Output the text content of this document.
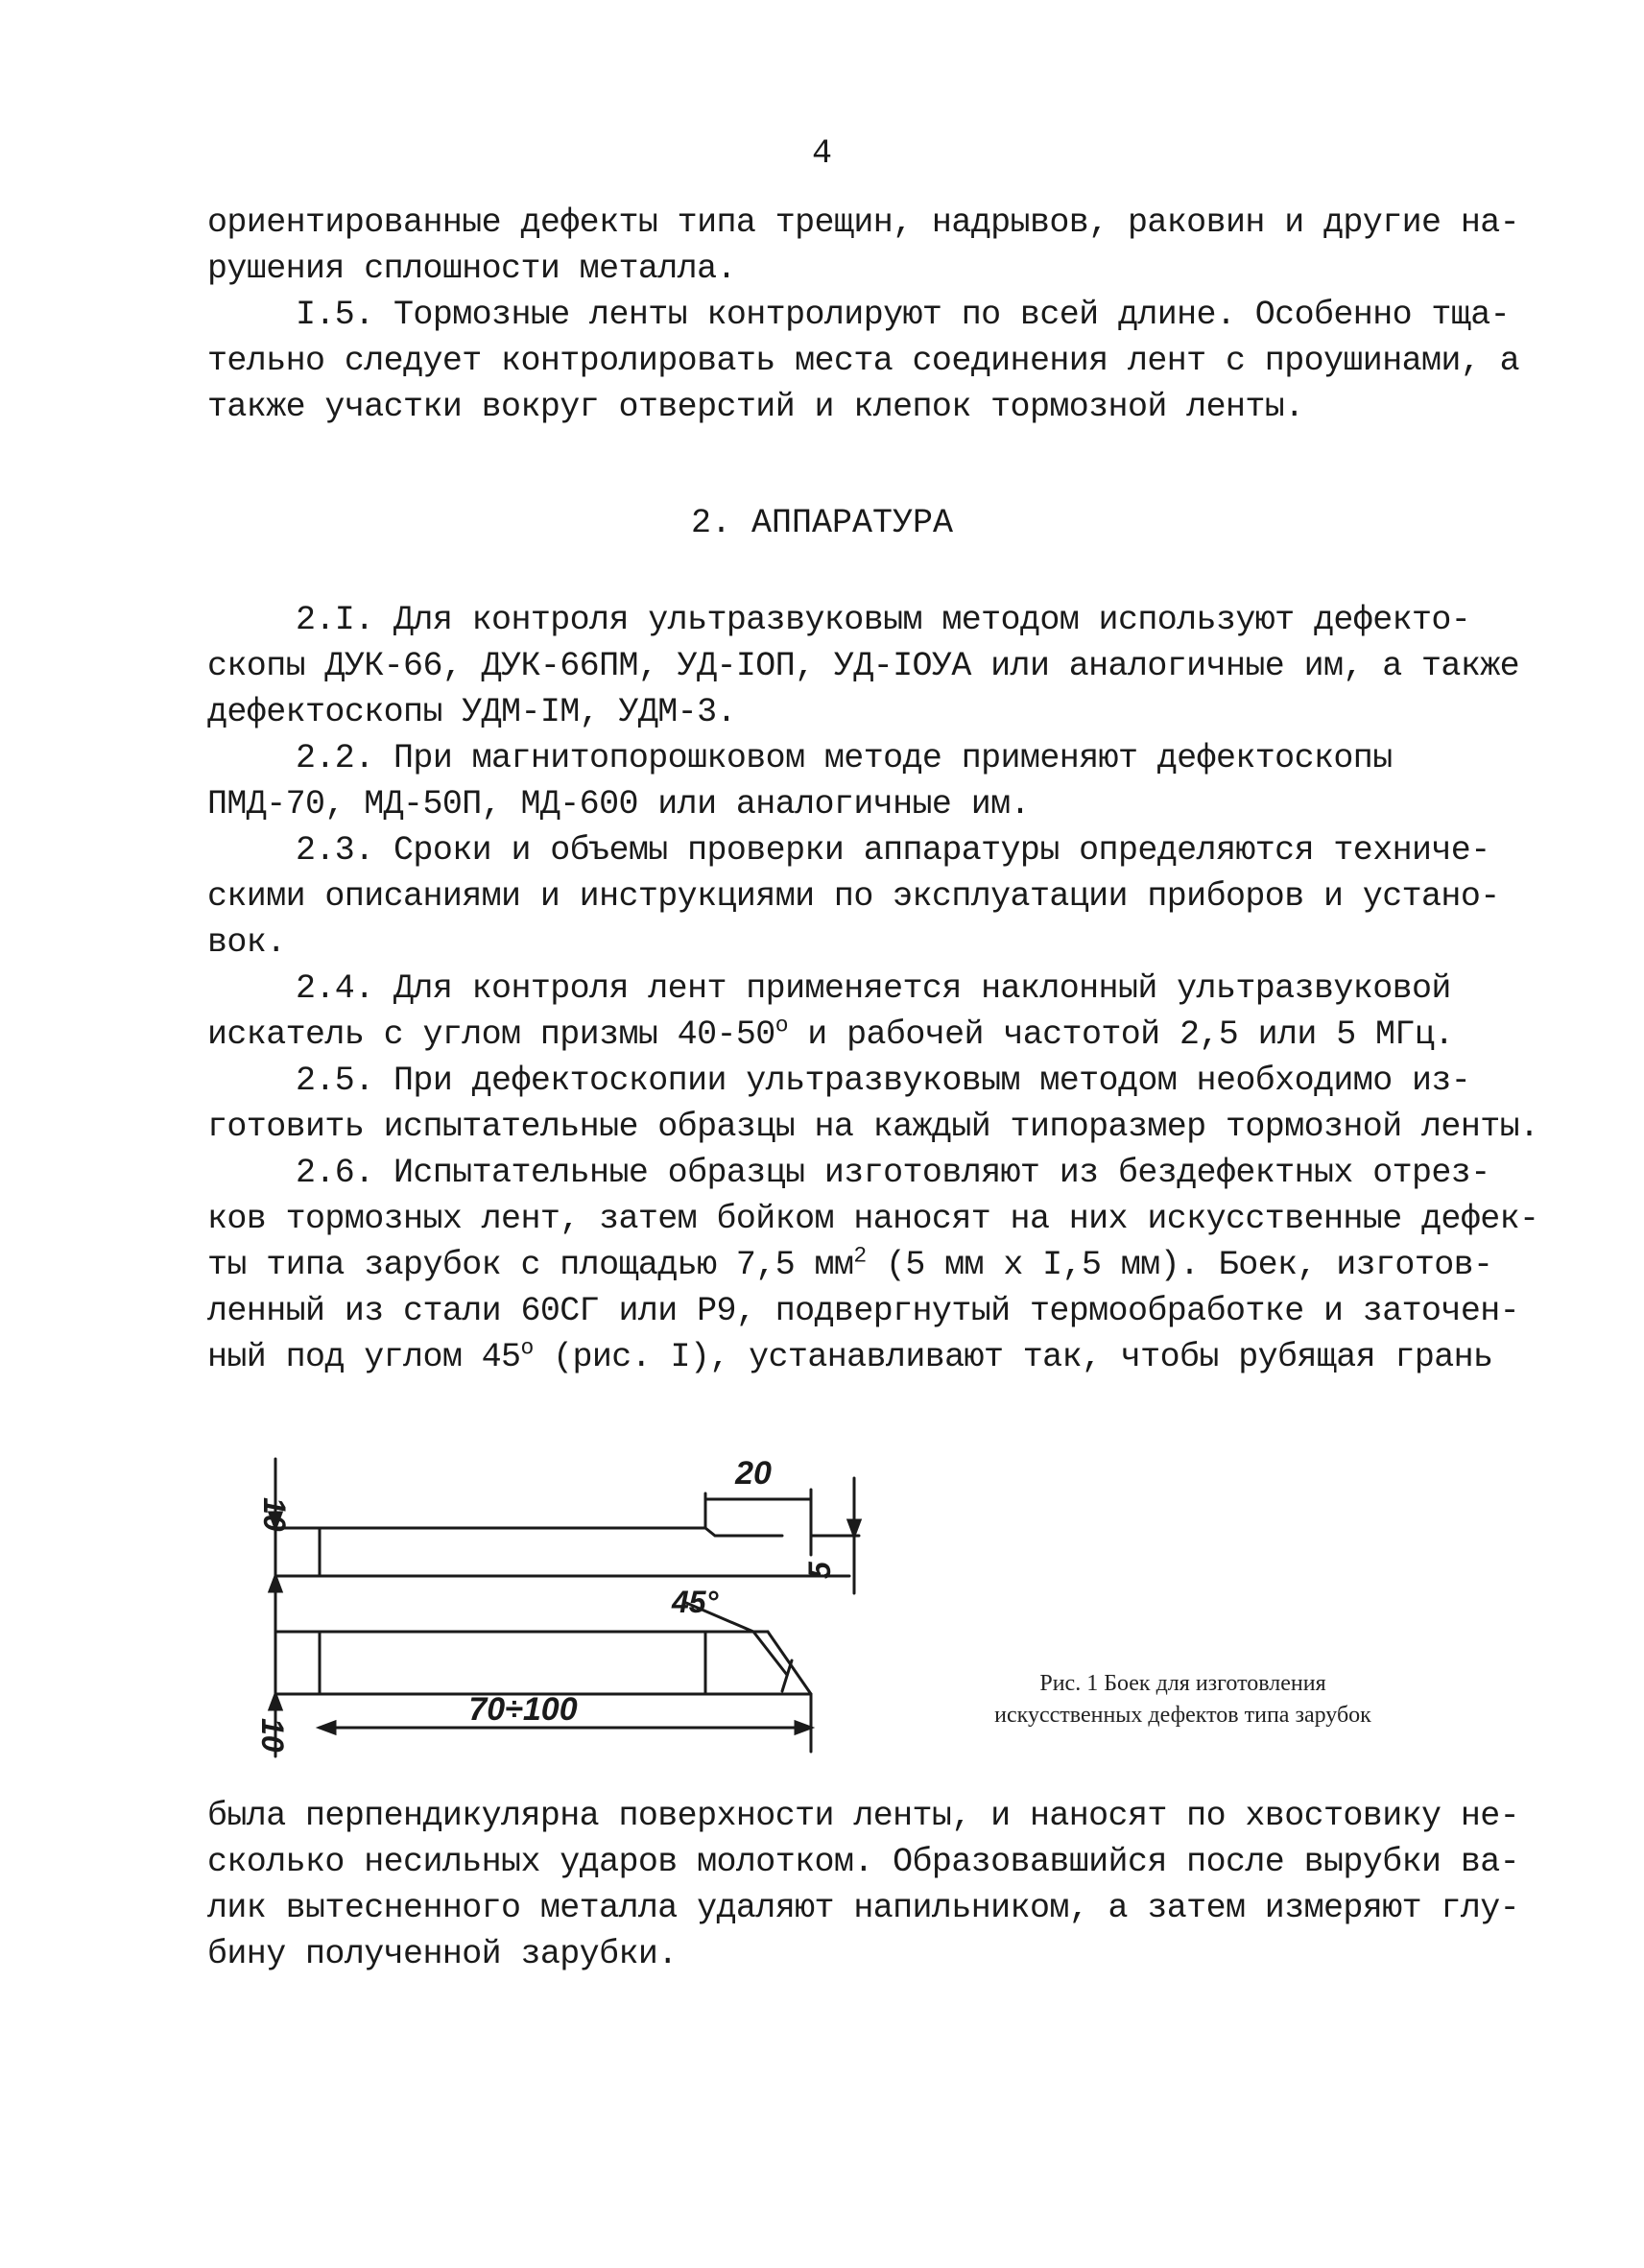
4

ориентированные дефекты типа трещин, надрывов, раковин и другие на-
рушения сплошности металла.

I.5. Тормозные ленты контролируют по всей длине. Особенно тща-
тельно следует контролировать места соединения лент с проушинами, а
также участки вокруг отверстий и клепок тормозной ленты.

2. АППАРАТУРА

2.I. Для контроля ультразвуковым методом используют дефекто-
скопы ДУК-66, ДУК-66ПМ, УД-IОП, УД-IОУА или аналогичные им, а также
дефектоскопы УДМ-IМ, УДМ-3.

2.2. При магнитопорошковом методе применяют дефектоскопы
ПМД-70, МД-50П, МД-600 или аналогичные им.

2.3. Сроки и объемы проверки аппаратуры определяются техниче-
скими описаниями и инструкциями по эксплуатации приборов и устано-
вок.

2.4. Для контроля лент применяется наклонный ультразвуковой
искатель с углом призмы $40-50^о$ и рабочей частотой 2,5 или 5 МГц.

2.5. При дефектоскопии ультразвуковым методом необходимо из-
готовить испытательные образцы на каждый типоразмер тормозной ленты.

2.6. Испытательные образцы изготовляют из бездефектных отрез-
ков тормозных лент, затем бойком наносят на них искусственные дефек-
ты типа зарубок с площадью 7,5 $мм^2$ (5 мм х I,5 мм). Боек, изготов-
ленный из стали 60СГ или Р9, подвергнутый термообработке и заточен-
ный под углом $45^о$ (рис. I), устанавливают так, чтобы рубящая грань

10
10
20
45°
5
70÷100
Рис. 1 Боек для изготовления
искусственных дефектов типа зарубок

была перпендикулярна поверхности ленты, и наносят по хвостовику не-
сколько несильных ударов молотком. Образовавшийся после вырубки ва-
лик вытесненного металла удаляют напильником, а затем измеряют глу-
бину полученной зарубки.
